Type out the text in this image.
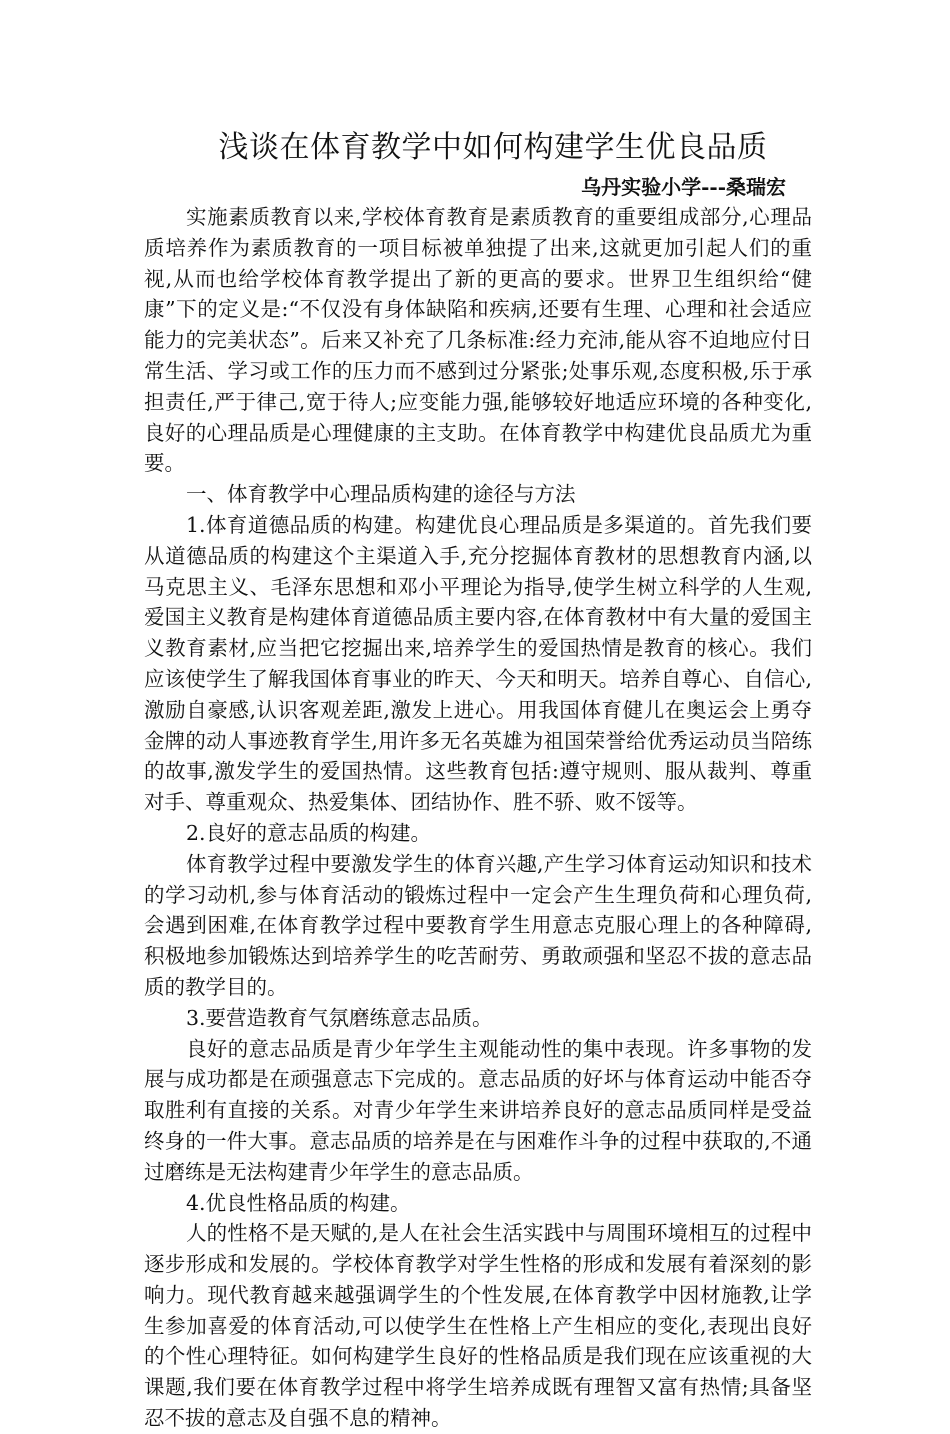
浅谈在体育教学中如何构建学生优良品质
乌丹实验小学---桑瑞宏

实施素质教育以来,学校体育教育是素质教育的重要组成部分,心理品质培养作为素质教育的一项目标被单独提了出来,这就更加引起人们的重视,从而也给学校体育教学提出了新的更高的要求。世界卫生组织给“健康”下的定义是:“不仅没有身体缺陷和疾病,还要有生理、心理和社会适应能力的完美状态”。后来又补充了几条标准:经力充沛,能从容不迫地应付日常生活、学习或工作的压力而不感到过分紧张;处事乐观,态度积极,乐于承担责任,严于律己,宽于待人;应变能力强,能够较好地适应环境的各种变化,良好的心理品质是心理健康的主支助。在体育教学中构建优良品质尤为重要。

一、体育教学中心理品质构建的途径与方法

1.体育道德品质的构建。构建优良心理品质是多渠道的。首先我们要从道德品质的构建这个主渠道入手,充分挖掘体育教材的思想教育内涵,以马克思主义、毛泽东思想和邓小平理论为指导,使学生树立科学的人生观,爱国主义教育是构建体育道德品质主要内容,在体育教材中有大量的爱国主义教育素材,应当把它挖掘出来,培养学生的爱国热情是教育的核心。我们应该使学生了解我国体育事业的昨天、今天和明天。培养自尊心、自信心,激励自豪感,认识客观差距,激发上进心。用我国体育健儿在奥运会上勇夺金牌的动人事迹教育学生,用许多无名英雄为祖国荣誉给优秀运动员当陪练的故事,激发学生的爱国热情。这些教育包括:遵守规则、服从裁判、尊重对手、尊重观众、热爱集体、团结协作、胜不骄、败不馁等。

2.良好的意志品质的构建。

体育教学过程中要激发学生的体育兴趣,产生学习体育运动知识和技术的学习动机,参与体育活动的锻炼过程中一定会产生生理负荷和心理负荷,会遇到困难,在体育教学过程中要教育学生用意志克服心理上的各种障碍,积极地参加锻炼达到培养学生的吃苦耐劳、勇敢顽强和坚忍不拔的意志品质的教学目的。

3.要营造教育气氛磨练意志品质。

良好的意志品质是青少年学生主观能动性的集中表现。许多事物的发展与成功都是在顽强意志下完成的。意志品质的好坏与体育运动中能否夺取胜利有直接的关系。对青少年学生来讲培养良好的意志品质同样是受益终身的一件大事。意志品质的培养是在与困难作斗争的过程中获取的,不通过磨练是无法构建青少年学生的意志品质。

4.优良性格品质的构建。

人的性格不是天赋的,是人在社会生活实践中与周围环境相互的过程中逐步形成和发展的。学校体育教学对学生性格的形成和发展有着深刻的影响力。现代教育越来越强调学生的个性发展,在体育教学中因材施教,让学生参加喜爱的体育活动,可以使学生在性格上产生相应的变化,表现出良好的个性心理特征。如何构建学生良好的性格品质是我们现在应该重视的大课题,我们要在体育教学过程中将学生培养成既有理智又富有热情;具备坚忍不拔的意志及自强不息的精神。
